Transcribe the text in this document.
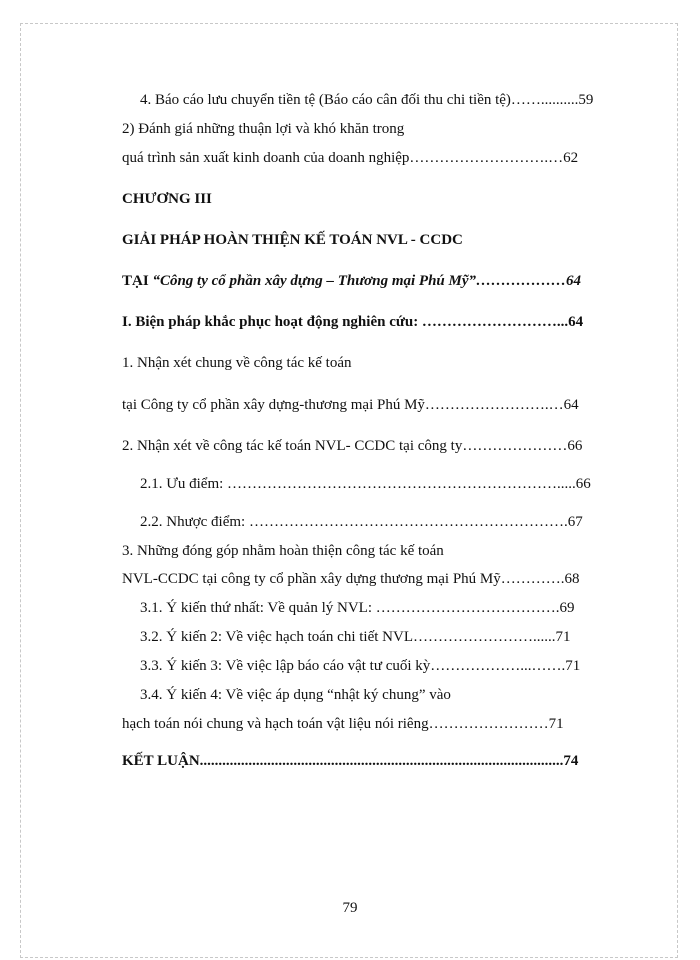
4. Báo cáo lưu chuyển tiền tệ (Báo cáo cân đối thu chi tiền tệ)……..........59
2) Đánh giá những thuận lợi và khó khăn trong
quá trình sản xuất kinh doanh của doanh nghiệp……………………….…62
CHƯƠNG III
GIẢI PHÁP HOÀN THIỆN KẾ TOÁN NVL - CCDC
TẠI “Công ty cổ phần xây dựng – Thương mại Phú Mỹ”………………64
I. Biện pháp khắc phục hoạt động nghiên cứu: ………………………...64
1. Nhận xét chung về công tác kế toán
tại Công ty cổ phần xây dựng-thương mại Phú Mỹ…………………….…64
2. Nhận xét về công tác kế toán NVL- CCDC tại công ty…………………66
2.1. Ưu điểm: ………………………………………………………….....66
2.2. Nhược điểm: ……………………………………………………….67
3. Những đóng góp nhằm hoàn thiện công tác kế toán
NVL-CCDC tại công ty cổ phần xây dựng thương mại Phú Mỹ………….68
3.1. Ý kiến thứ nhất: Về quản lý NVL: ……………………………….69
3.2. Ý kiến 2: Về việc hạch toán chi tiết NVL……………………......71
3.3. Ý kiến 3: Về việc lập báo cáo vật tư cuối kỳ………………...…….71
3.4. Ý kiến 4: Về việc áp dụng “nhật ký chung” vào
hạch toán nói chung và hạch toán vật liệu nói riêng……………………71
KẾT LUẬN.................................................................................................74
79
